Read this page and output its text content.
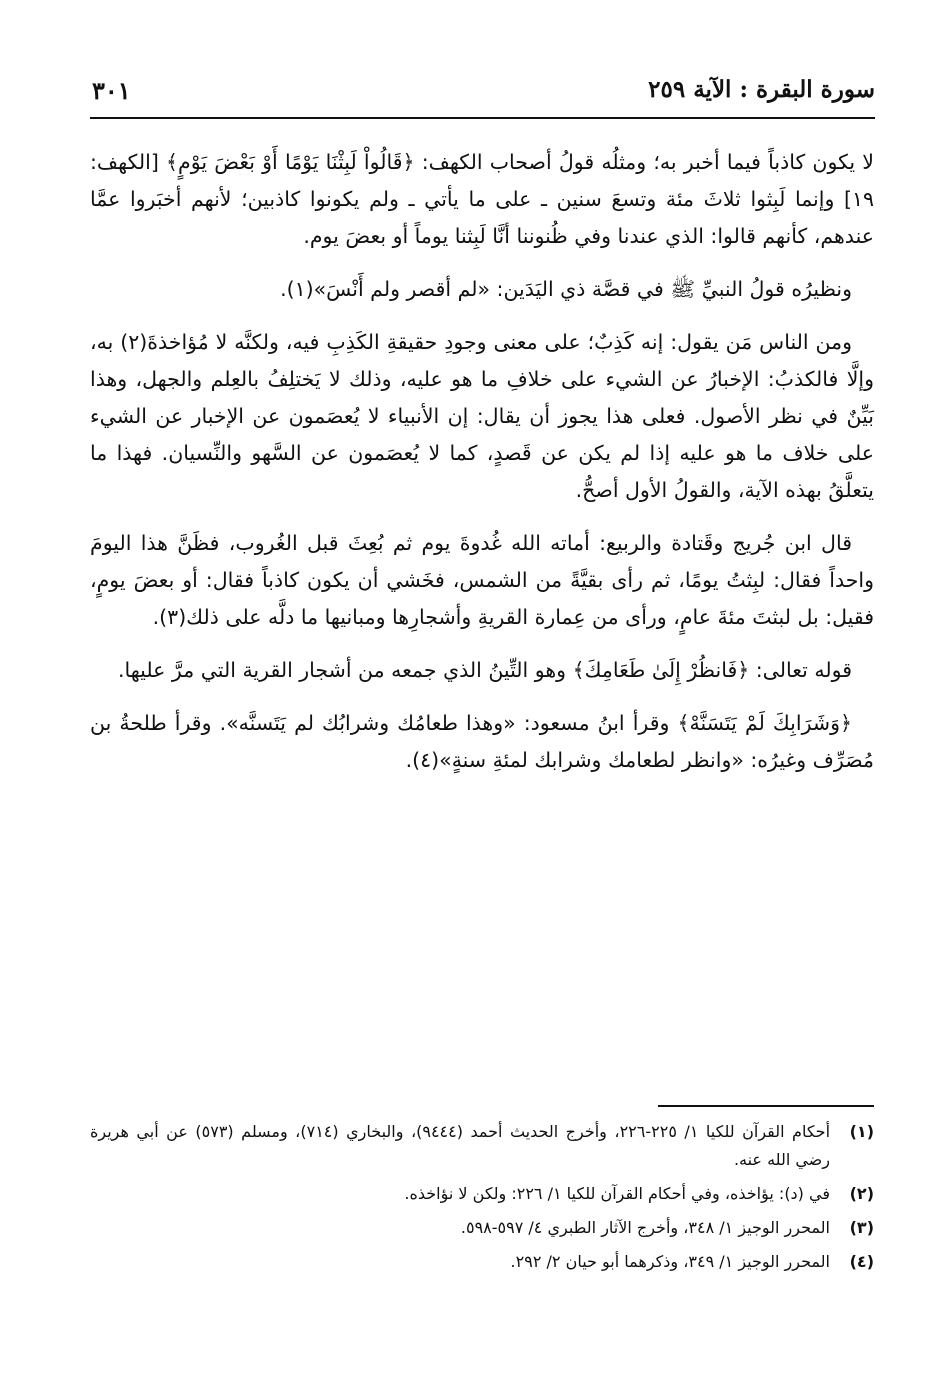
سورة البقرة : الآية ٢٥٩
٣٠١

لا يكون كاذباً فيما أخبر به؛ ومثلُه قولُ أصحاب الكهف: ﴿قَالُواْ لَبِثْنَا يَوْمًا أَوْ بَعْضَ يَوْمٍ﴾ [الكهف: ١٩] وإنما لَبِثوا ثلاثَ مئة وتسعَ سنين ـ على ما يأتي ـ ولم يكونوا كاذبين؛ لأنهم أخبَروا عمَّا عندهم، كأنهم قالوا: الذي عندنا وفي ظُنوننا أنَّا لَبِثنا يوماً أو بعضَ يوم.

ونظيرُه قولُ النبيِّ ﷺ في قصَّة ذي اليَدَين: «لم أقصر ولم أَنْسَ»(١).

ومن الناس مَن يقول: إنه كَذِبٌ؛ على معنى وجودِ حقيقةِ الكَذِبِ فيه، ولكنَّه لا مُؤاخذةَ(٢) به، وإلَّا فالكذبُ: الإخبارُ عن الشيء على خلافِ ما هو عليه، وذلك لا يَختلِفُ بالعِلم والجهل، وهذا بَيِّنٌ في نظر الأصول. فعلى هذا يجوز أن يقال: إن الأنبياء لا يُعصَمون عن الإخبار عن الشيء على خلاف ما هو عليه إذا لم يكن عن قَصدٍ، كما لا يُعصَمون عن السَّهو والنِّسيان. فهذا ما يتعلَّقُ بهذه الآية، والقولُ الأول أصحُّ.

قال ابن جُريج وقَتادة والربيع: أماته الله غُدوةَ يوم ثم بُعِثَ قبل الغُروب، فظَنَّ هذا اليومَ واحداً فقال: لبِثتُ يومًا، ثم رأى بقيَّةً من الشمس، فخَشي أن يكون كاذباً فقال: أو بعضَ يومٍ، فقيل: بل لبثتَ مئةَ عامٍ، ورأى من عِمارة القريةِ وأشجارِها ومبانيها ما دلَّه على ذلك(٣).

قوله تعالى: ﴿فَانظُرْ إِلَىٰ طَعَامِكَ﴾ وهو التِّينُ الذي جمعه من أشجار القرية التي مرَّ عليها.

﴿وَشَرَابِكَ لَمْ يَتَسَنَّهْ﴾ وقرأ ابنُ مسعود: «وهذا طعامُك وشرابُك لم يَتَسنَّه». وقرأ طلحةُ بن مُصَرِّف وغيرُه: «وانظر لطعامك وشرابك لمئةِ سنةٍ»(٤).

(١)
أحكام القرآن للكيا ١/ ٢٢٥-٢٢٦، وأخرج الحديث أحمد (٩٤٤٤)، والبخاري (٧١٤)، ومسلم (٥٧٣) عن أبي هريرة رضي الله عنه.
(٢)
في (د): يؤاخذه، وفي أحكام القرآن للكيا ١/ ٢٢٦: ولكن لا نؤاخذه.
(٣)
المحرر الوجيز ١/ ٣٤٨، وأخرج الآثار الطبري ٤/ ٥٩٧-٥٩٨.
(٤)
المحرر الوجيز ١/ ٣٤٩، وذكرهما أبو حيان ٢/ ٢٩٢.
